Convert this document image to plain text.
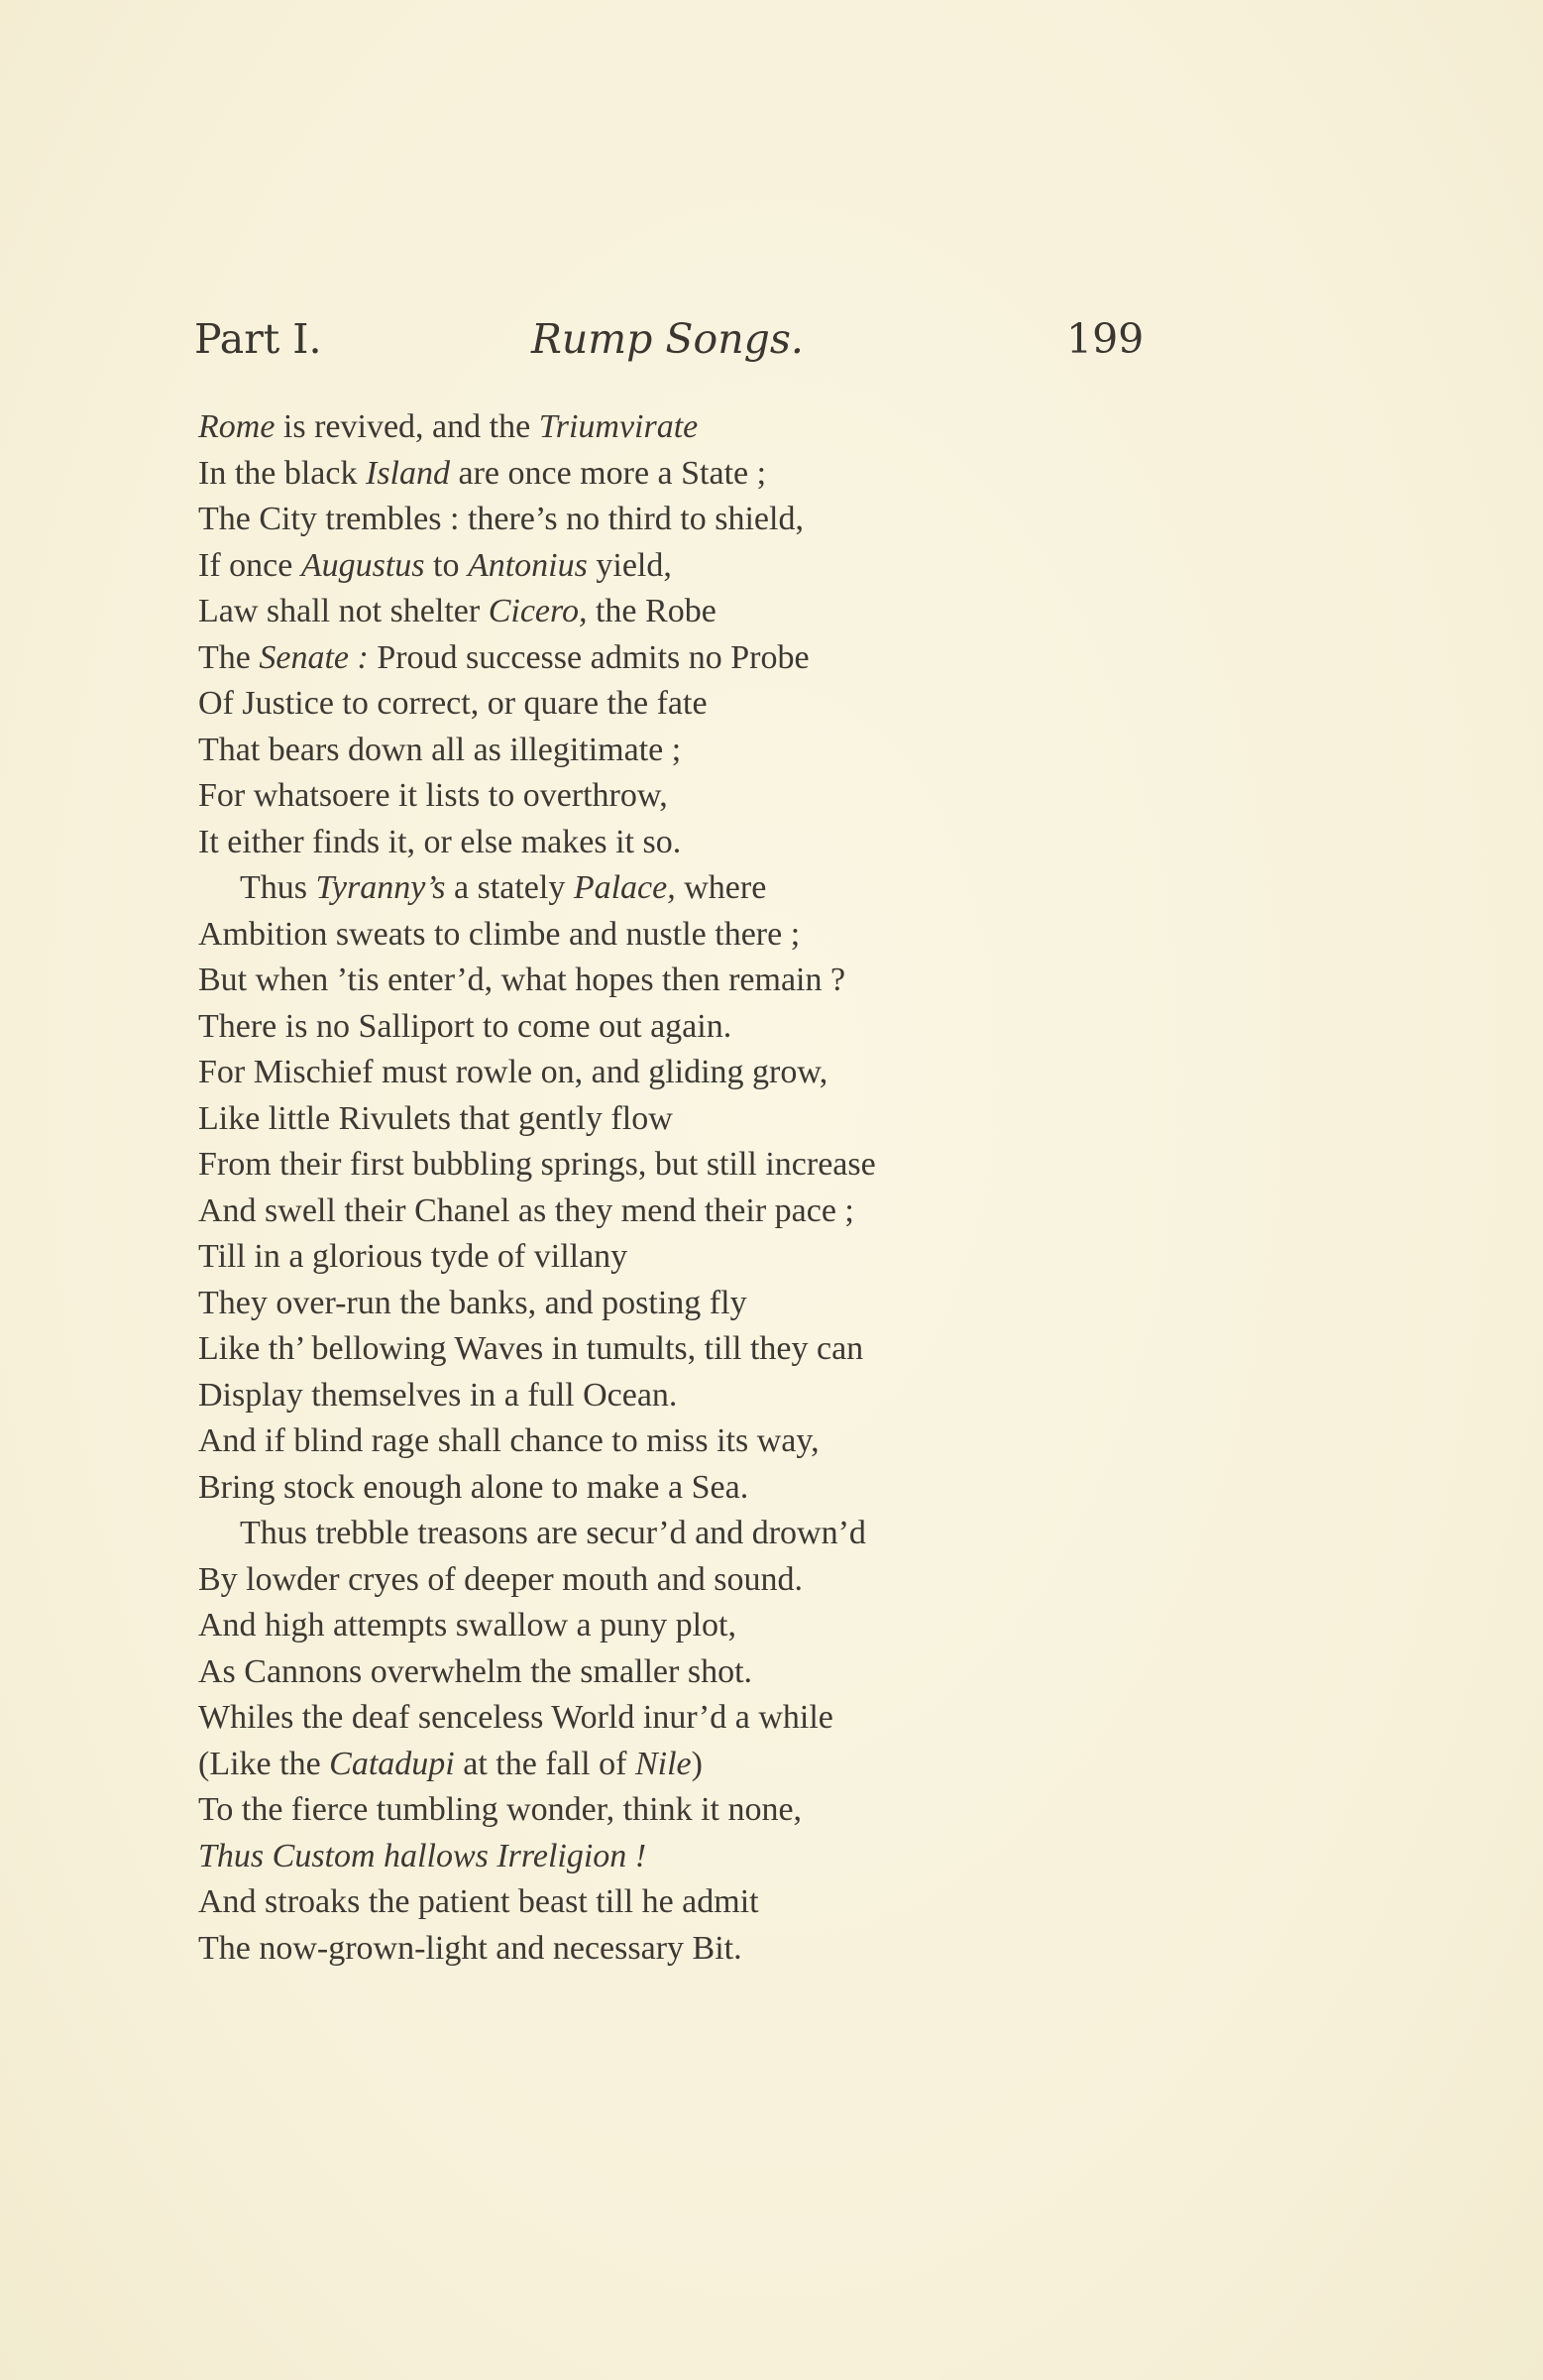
Part I.	Rump Songs.	199
Rome is revived, and the Triumvirate
In the black Island are once more a State ;
The City trembles : there’s no third to shield,
If once Augustus to Antonius yield,
Law shall not shelter Cicero, the Robe
The Senate : Proud successe admits no Probe
Of Justice to correct, or quare the fate
That bears down all as illegitimate ;
For whatsoere it lists to overthrow,
It either finds it, or else makes it so.
Thus Tyranny’s a stately Palace, where
Ambition sweats to climbe and nustle there ;
But when ’tis enter’d, what hopes then remain ?
There is no Salliport to come out again.
For Mischief must rowle on, and gliding grow,
Like little Rivulets that gently flow
From their first bubbling springs, but still increase
And swell their Chanel as they mend their pace ;
Till in a glorious tyde of villany
They over-run the banks, and posting fly
Like th’ bellowing Waves in tumults, till they can
Display themselves in a full Ocean.
And if blind rage shall chance to miss its way,
Bring stock enough alone to make a Sea.
Thus trebble treasons are secur’d and drown’d
By lowder cryes of deeper mouth and sound.
And high attempts swallow a puny plot,
As Cannons overwhelm the smaller shot.
Whiles the deaf senceless World inur’d a while
(Like the Catadupi at the fall of Nile)
To the fierce tumbling wonder, think it none,
Thus Custom hallows Irreligion !
And stroaks the patient beast till he admit
The now-grown-light and necessary Bit.
